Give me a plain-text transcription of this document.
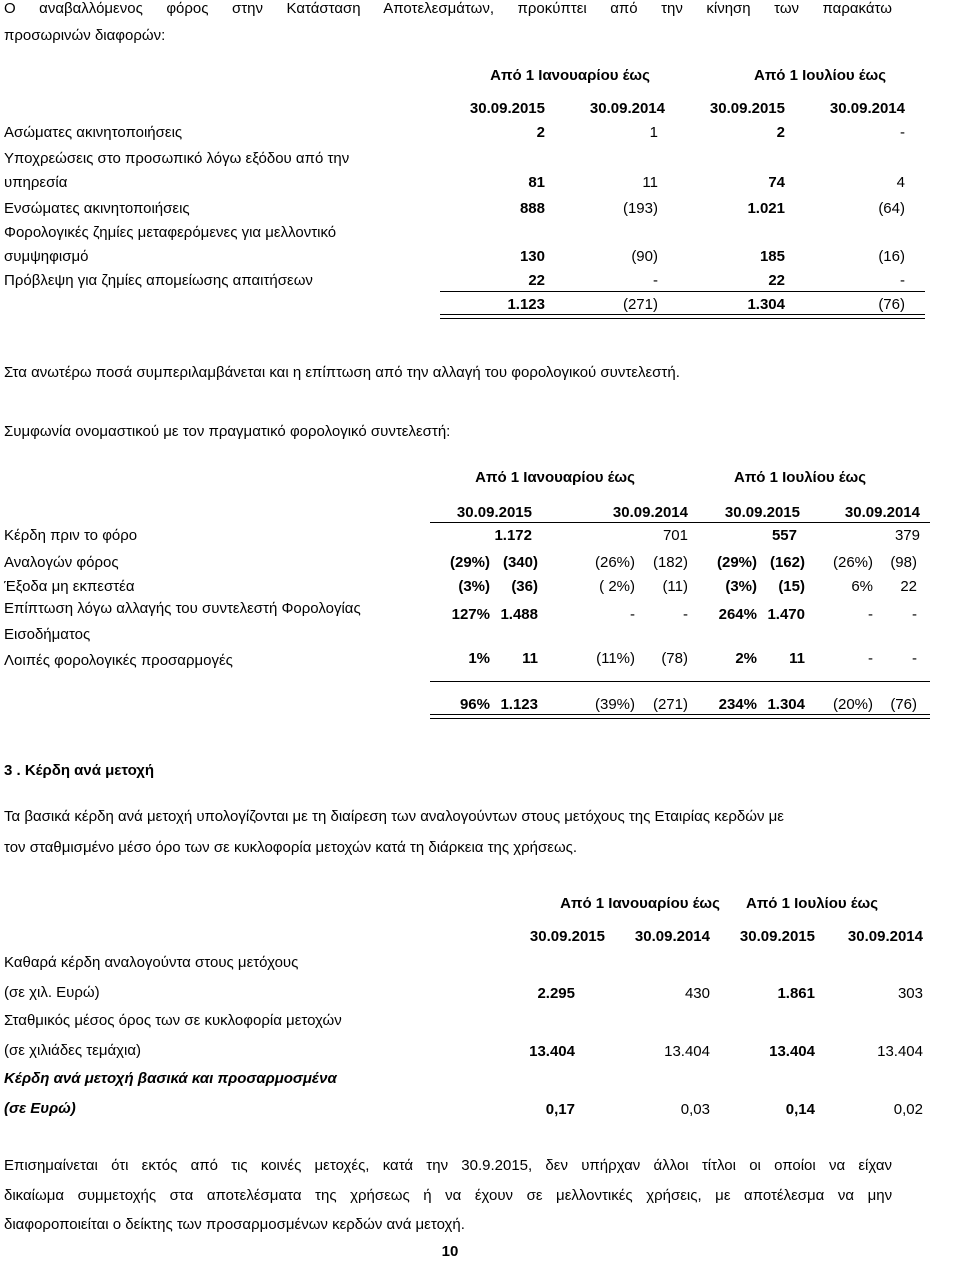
Ο αναβαλλόμενος φόρος στην Κατάσταση Αποτελεσμάτων, προκύπτει από την κίνηση των παρακάτω
προσωρινών διαφορών:
Από 1 Ιανουαρίου έως	Από 1 Ιουλίου έως
30.09.2015	30.09.2014	30.09.2015	30.09.2014
Ασώματες ακινητοποιήσεις	2	1	2	-
Υποχρεώσεις στο προσωπικό λόγω εξόδου από την
υπηρεσία	81	11	74	4
Ενσώματες ακινητοποιήσεις	888	(193)	1.021	(64)
Φορολογικές ζημίες μεταφερόμενες για μελλοντικό
συμψηφισμό	130	(90)	185	(16)
Πρόβλεψη για ζημίες απομείωσης απαιτήσεων	22	-	22	-
1.123	(271)	1.304	(76)
Στα ανωτέρω ποσά συμπεριλαμβάνεται και η επίπτωση από την αλλαγή του φορολογικού συντελεστή.
Συμφωνία ονομαστικού με τον πραγματικό φορολογικό συντελεστή:
Από 1 Ιανουαρίου έως	Από 1 Ιουλίου έως
30.09.2015	30.09.2014	30.09.2015	30.09.2014
Κέρδη πριν το φόρο	1.172	701	557	379
Αναλογών φόρος	(29%) (340)	(26%)	(182)	(29%) (162)	(26%)	(98)
Έξοδα μη εκπεστέα	(3%)	(36)	( 2%)	(11)	(3%)	(15)	6%	22
Επίπτωση λόγω αλλαγής του συντελεστή Φορολογίας
Εισοδήματος
127% 1.488	-	-	264% 1.470	-	-
Λοιπές φορολογικές προσαρμογές	1%	11	(11%)	(78)	2%	11	-	-
96% 1.123	(39%)	(271)	234% 1.304	(20%)	(76)
3 . Κέρδη ανά μετοχή
Τα βασικά κέρδη ανά μετοχή υπολογίζονται με τη διαίρεση των αναλογούντων στους μετόχους της Εταιρίας κερδών με
τον σταθμισμένο μέσο όρο των σε κυκλοφορία μετοχών κατά τη διάρκεια της χρήσεως.
Από 1 Ιανουαρίου έως	Από 1 Ιουλίου έως
30.09.2015	30.09.2014	30.09.2015	30.09.2014
Καθαρά κέρδη αναλογούντα στους μετόχους
(σε χιλ. Ευρώ)	2.295	430	1.861	303
Σταθμικός μέσος όρος των σε κυκλοφορία μετοχών
(σε χιλιάδες τεμάχια)	13.404	13.404	13.404	13.404
Κέρδη ανά μετοχή βασικά και προσαρμοσμένα
(σε Ευρώ)	0,17	0,03	0,14	0,02
Επισημαίνεται ότι εκτός από τις κοινές μετοχές, κατά την 30.9.2015, δεν υπήρχαν άλλοι τίτλοι οι οποίοι να είχαν
δικαίωμα συμμετοχής στα αποτελέσματα της χρήσεως ή να έχουν σε μελλοντικές χρήσεις, με αποτέλεσμα να μην
διαφοροποιείται ο δείκτης των προσαρμοσμένων κερδών ανά μετοχή.
10
